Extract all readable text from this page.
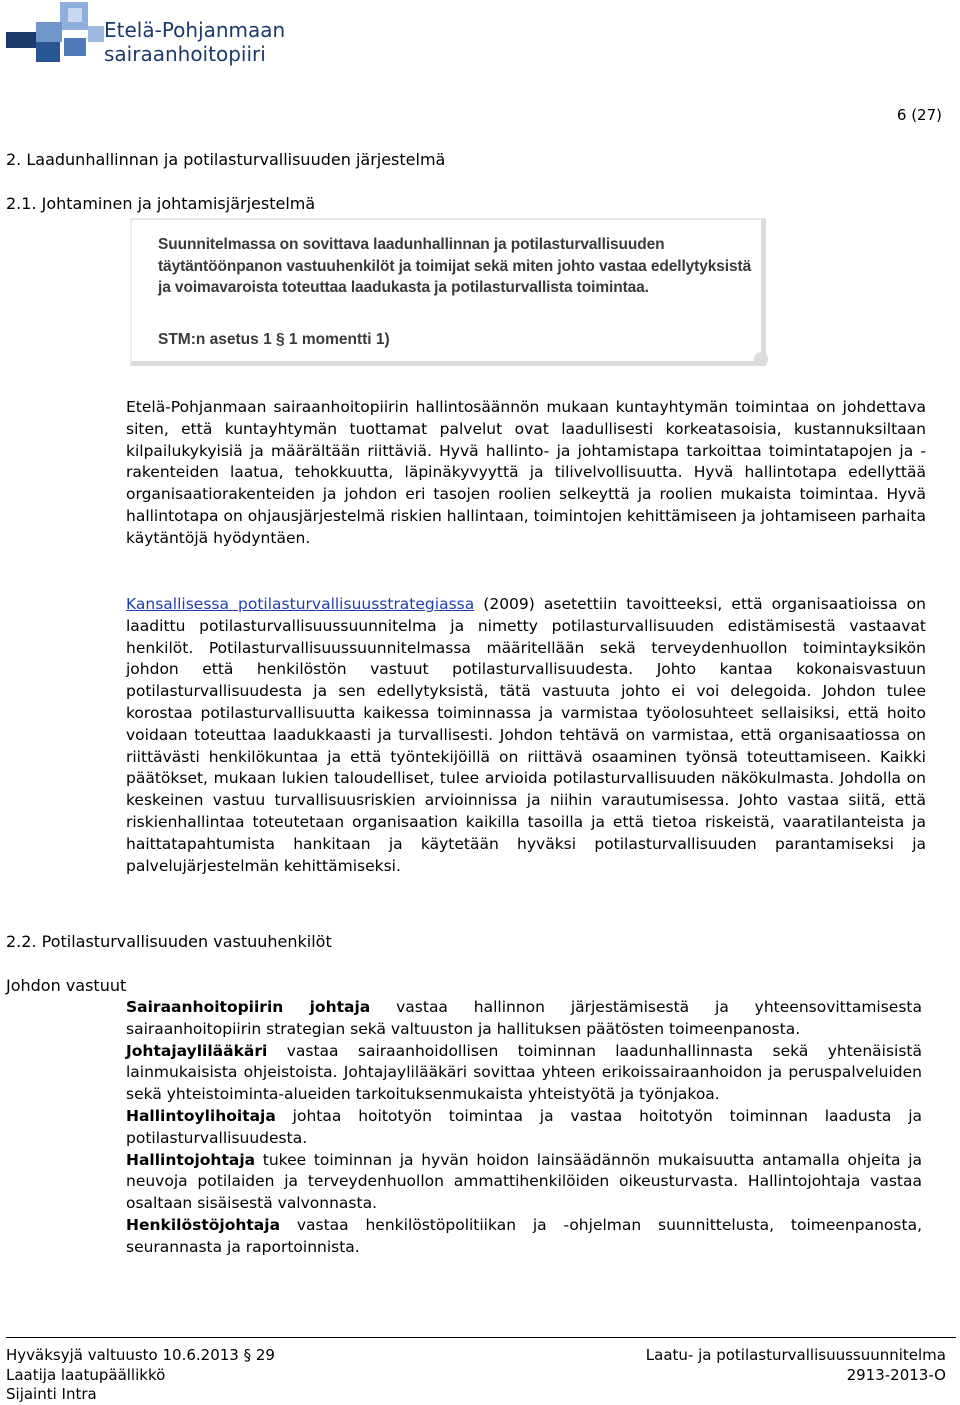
Etelä-Pohjanmaan
sairaanhoitopiiri
6 (27)
2. Laadunhallinnan ja potilasturvallisuuden järjestelmä
2.1. Johtaminen ja johtamisjärjestelmä
Suunnitelmassa on sovittava laadunhallinnan ja potilasturvallisuuden täytäntöönpanon vastuuhenkilöt ja toimijat sekä miten johto vastaa edellytyksistä ja voimavaroista toteuttaa laadukasta ja potilasturvallista toimintaa.
STM:n asetus 1 § 1 momentti 1)
Etelä-Pohjanmaan sairaanhoitopiirin hallintosäännön mukaan kuntayhtymän toimintaa on johdettava siten, että kuntayhtymän tuottamat palvelut ovat laadullisesti korkeatasoisia, kustannuksiltaan kilpailukykyisiä ja määrältään riittäviä. Hyvä hallinto- ja johtamistapa tarkoittaa toimintatapojen ja -rakenteiden laatua, tehokkuutta, läpinäkyvyyttä ja tilivelvollisuutta. Hyvä hallintotapa edellyttää organisaatiorakenteiden ja johdon eri tasojen roolien selkeyttä ja roolien mukaista toimintaa. Hyvä hallintotapa on ohjausjärjestelmä riskien hallintaan, toimintojen kehittämiseen ja johtamiseen parhaita käytäntöjä hyödyntäen.
Kansallisessa potilasturvallisuusstrategiassa (2009) asetettiin tavoitteeksi, että organisaatioissa on laadittu potilasturvallisuussuunnitelma ja nimetty potilasturvallisuuden edistämisestä vastaavat henkilöt. Potilasturvallisuussuunnitelmassa määritellään sekä terveydenhuollon toimintayksikön johdon että henkilöstön vastuut potilasturvallisuudesta. Johto kantaa kokonaisvastuun potilasturvallisuudesta ja sen edellytyksistä, tätä vastuuta johto ei voi delegoida. Johdon tulee korostaa potilasturvallisuutta kaikessa toiminnassa ja varmistaa työolosuhteet sellaisiksi, että hoito voidaan toteuttaa laadukkaasti ja turvallisesti. Johdon tehtävä on varmistaa, että organisaatiossa on riittävästi henkilökuntaa ja että työntekijöillä on riittävä osaaminen työnsä toteuttamiseen. Kaikki päätökset, mukaan lukien taloudelliset, tulee arvioida potilasturvallisuuden näkökulmasta. Johdolla on keskeinen vastuu turvallisuusriskien arvioinnissa ja niihin varautumisessa. Johto vastaa siitä, että riskienhallintaa toteutetaan organisaation kaikilla tasoilla ja että tietoa riskeistä, vaaratilanteista ja haittatapahtumista hankitaan ja käytetään hyväksi potilasturvallisuuden parantamiseksi ja palvelujärjestelmän kehittämiseksi.
2.2. Potilasturvallisuuden vastuuhenkilöt
Johdon vastuut

Sairaanhoitopiirin johtaja vastaa hallinnon järjestämisestä ja yhteensovittamisesta sairaanhoitopiirin strategian sekä valtuuston ja hallituksen päätösten toimeenpanosta.

Johtajaylilääkäri vastaa sairaanhoidollisen toiminnan laadunhallinnasta sekä yhtenäisistä lainmukaisista ohjeistoista. Johtajaylilääkäri sovittaa yhteen erikoissairaanhoidon ja peruspalveluiden sekä yhteistoiminta-alueiden tarkoituksenmukaista yhteistyötä ja työnjakoa.

Hallintoylihoitaja johtaa hoitotyön toimintaa ja vastaa hoitotyön toiminnan laadusta ja potilasturvallisuudesta.

Hallintojohtaja tukee toiminnan ja hyvän hoidon lainsäädännön mukaisuutta antamalla ohjeita ja neuvoja potilaiden ja terveydenhuollon ammattihenkilöiden oikeusturvasta. Hallintojohtaja vastaa osaltaan sisäisestä valvonnasta.

Henkilöstöjohtaja vastaa henkilöstöpolitiikan ja -ohjelman suunnittelusta, toimeenpanosta, seurannasta ja raportoinnista.

Hyväksyjä valtuusto 10.6.2013 § 29
Laatija laatupäällikkö
Sijainti Intra
Laatu- ja potilasturvallisuussuunnitelma
2913-2013-O
